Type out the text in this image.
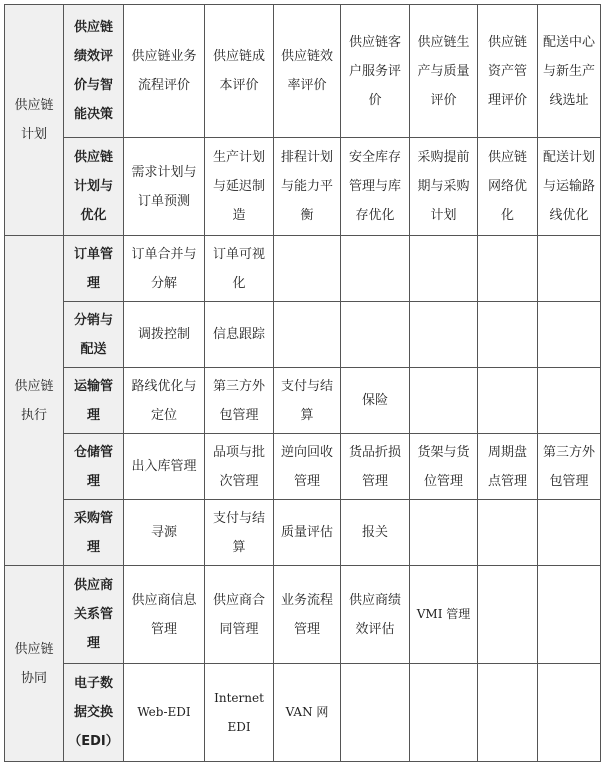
供应链计划	供应链绩效评价与智能决策	供应链业务流程评价	供应链成本评价	供应链效率评价	供应链客户服务评价	供应链生产与质量评价	供应链资产管理评价	配送中心与新生产线选址
	供应链计划与优化	需求计划与订单预测	生产计划与延迟制造	排程计划与能力平衡	安全库存管理与库存优化	采购提前期与采购计划	供应链网络优化	配送计划与运输路线优化
供应链执行	订单管理	订单合并与分解	订单可视化					
	分销与配送	调拨控制	信息跟踪					
	运输管理	路线优化与定位	第三方外包管理	支付与结算	保险			
	仓储管理	出入库管理	品项与批次管理	逆向回收管理	货品折损管理	货架与货位管理	周期盘点管理	第三方外包管理
	采购管理	寻源	支付与结算	质量评估	报关			
供应链协同	供应商关系管理	供应商信息管理	供应商合同管理	业务流程管理	供应商绩效评估	VMI 管理		
	电子数据交换（EDI）	Web-EDI	Internet EDI	VAN 网				
